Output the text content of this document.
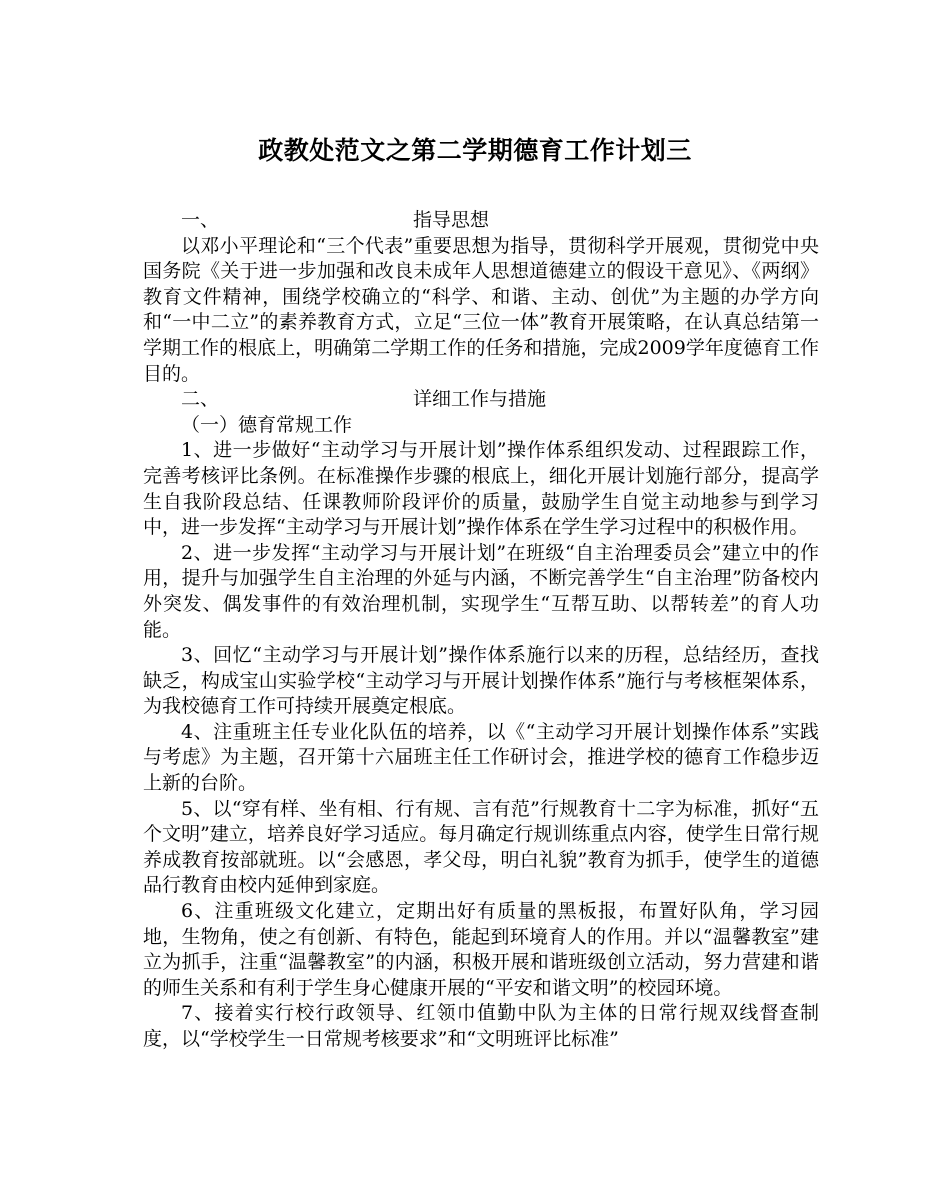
政教处范文之第二学期德育工作计划三
一、	指导思想

以邓小平理论和“三个代表”重要思想为指导，贯彻科学开展观，贯彻党中央国务院《关于进一步加强和改良未成年人思想道德建立的假设干意见》、《两纲》教育文件精神，围绕学校确立的“科学、和谐、主动、创优”为主题的办学方向和“一中二立”的素养教育方式，立足“三位一体”教育开展策略，在认真总结第一学期工作的根底上，明确第二学期工作的任务和措施，完成2009学年度德育工作目的。

二、	详细工作与措施
（一）德育常规工作

1、进一步做好“主动学习与开展计划”操作体系组织发动、过程跟踪工作，完善考核评比条例。在标准操作步骤的根底上，细化开展计划施行部分，提高学生自我阶段总结、任课教师阶段评价的质量，鼓励学生自觉主动地参与到学习中，进一步发挥“主动学习与开展计划”操作体系在学生学习过程中的积极作用。

2、进一步发挥“主动学习与开展计划”在班级“自主治理委员会”建立中的作用，提升与加强学生自主治理的外延与内涵，不断完善学生“自主治理”防备校内外突发、偶发事件的有效治理机制，实现学生“互帮互助、以帮转差”的育人功能。

3、回忆“主动学习与开展计划”操作体系施行以来的历程，总结经历，查找缺乏，构成宝山实验学校“主动学习与开展计划操作体系”施行与考核框架体系，为我校德育工作可持续开展奠定根底。

4、注重班主任专业化队伍的培养，以《“主动学习开展计划操作体系”实践与考虑》为主题，召开第十六届班主任工作研讨会，推进学校的德育工作稳步迈上新的台阶。

5、以“穿有样、坐有相、行有规、言有范”行规教育十二字为标准，抓好“五个文明”建立，培养良好学习适应。每月确定行规训练重点内容，使学生日常行规养成教育按部就班。以“会感恩，孝父母，明白礼貌”教育为抓手，使学生的道德品行教育由校内延伸到家庭。

6、注重班级文化建立，定期出好有质量的黑板报，布置好队角，学习园地，生物角，使之有创新、有特色，能起到环境育人的作用。并以“温馨教室”建立为抓手，注重“温馨教室”的内涵，积极开展和谐班级创立活动，努力营建和谐的师生关系和有利于学生身心健康开展的“平安和谐文明”的校园环境。

7、接着实行校行政领导、红领巾值勤中队为主体的日常行规双线督查制度，以“学校学生一日常规考核要求”和“文明班评比标准”
